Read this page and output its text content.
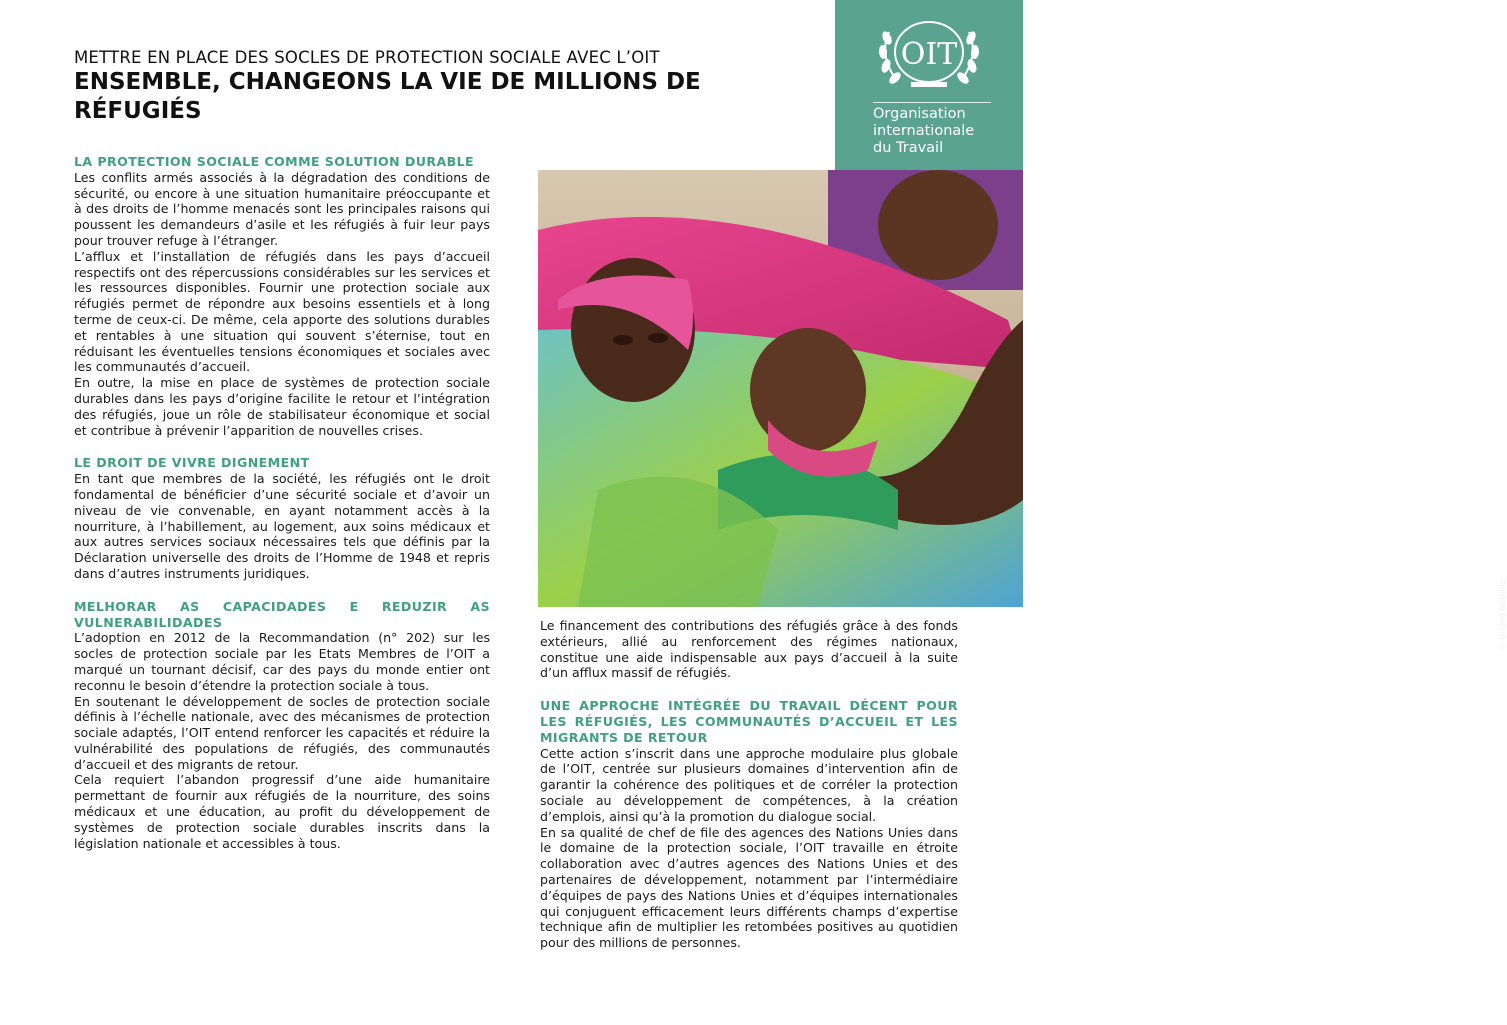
METTRE EN PLACE DES SOCLES DE PROTECTION SOCIALE AVEC L’OIT
ENSEMBLE, CHANGEONS LA VIE DE MILLIONS DE RÉFUGIÉS
OIT
Organisation
internationale
du Travail
© United Nations
LA PROTECTION SOCIALE COMME SOLUTION DURABLE

Les conflits armés associés à la dégradation des conditions de sécurité, ou encore à une situation humanitaire préoccupante et à des droits de l’homme menacés sont les principales raisons qui poussent les demandeurs d’asile et les réfugiés à fuir leur pays pour trouver refuge à l’étranger.

L’afflux et l’installation de réfugiés dans les pays d’accueil respectifs ont des répercussions considérables sur les services et les ressources disponibles. Fournir une protection sociale aux réfugiés permet de répondre aux besoins essentiels et à long terme de ceux-ci. De même, cela apporte des solutions durables et rentables à une situation qui souvent s’éternise, tout en réduisant les éventuelles tensions économiques et sociales avec les communautés d’accueil.

En outre, la mise en place de systèmes de protection sociale durables dans les pays d’origine facilite le retour et l’intégration des réfugiés, joue un rôle de stabilisateur économique et social et contribue à prévenir l’apparition de nouvelles crises.

LE DROIT DE VIVRE DIGNEMENT

En tant que membres de la société, les réfugiés ont le droit fondamental de bénéficier d’une sécurité sociale et d’avoir un niveau de vie convenable, en ayant notamment accès à la nourriture, à l’habillement, au logement, aux soins médicaux et aux autres services sociaux nécessaires tels que définis par la Déclaration universelle des droits de l’Homme de 1948 et repris dans d’autres instruments juridiques.

MELHORAR AS CAPACIDADES E REDUZIR AS VULNERABILIDADES

L’adoption en 2012 de la Recommandation (n° 202) sur les socles de protection sociale par les Etats Membres de l’OIT a marqué un tournant décisif, car des pays du monde entier ont reconnu le besoin d’étendre la protection sociale à tous.

En soutenant le développement de socles de protection sociale définis à l’échelle nationale, avec des mécanismes de protection sociale adaptés, l’OIT entend renforcer les capacités et réduire la vulnérabilité des populations de réfugiés, des communautés d’accueil et des migrants de retour.

Cela requiert l’abandon progressif d’une aide humanitaire permettant de fournir aux réfugiés de la nourriture, des soins médicaux et une éducation, au profit du développement de systèmes de protection sociale durables inscrits dans la législation nationale et accessibles à tous.

Le financement des contributions des réfugiés grâce à des fonds extérieurs, allié au renforcement des régimes nationaux, constitue une aide indispensable aux pays d’accueil à la suite d’un afflux massif de réfugiés.

UNE APPROCHE INTÉGRÉE DU TRAVAIL DÉCENT POUR LES RÉFUGIÉS, LES COMMUNAUTÉS D’ACCUEIL ET LES MIGRANTS DE RETOUR

Cette action s’inscrit dans une approche modulaire plus globale de l’OIT, centrée sur plusieurs domaines d’intervention afin de garantir la cohérence des politiques et de corréler la protection sociale au développement de compétences, à la création d’emplois, ainsi qu’à la promotion du dialogue social.

En sa qualité de chef de file des agences des Nations Unies dans le domaine de la protection sociale, l’OIT travaille en étroite collaboration avec d’autres agences des Nations Unies et des partenaires de développement, notamment par l’intermédiaire d’équipes de pays des Nations Unies et d’équipes internationales qui conjuguent efficacement leurs différents champs d’expertise technique afin de multiplier les retombées positives au quotidien pour des millions de personnes.
